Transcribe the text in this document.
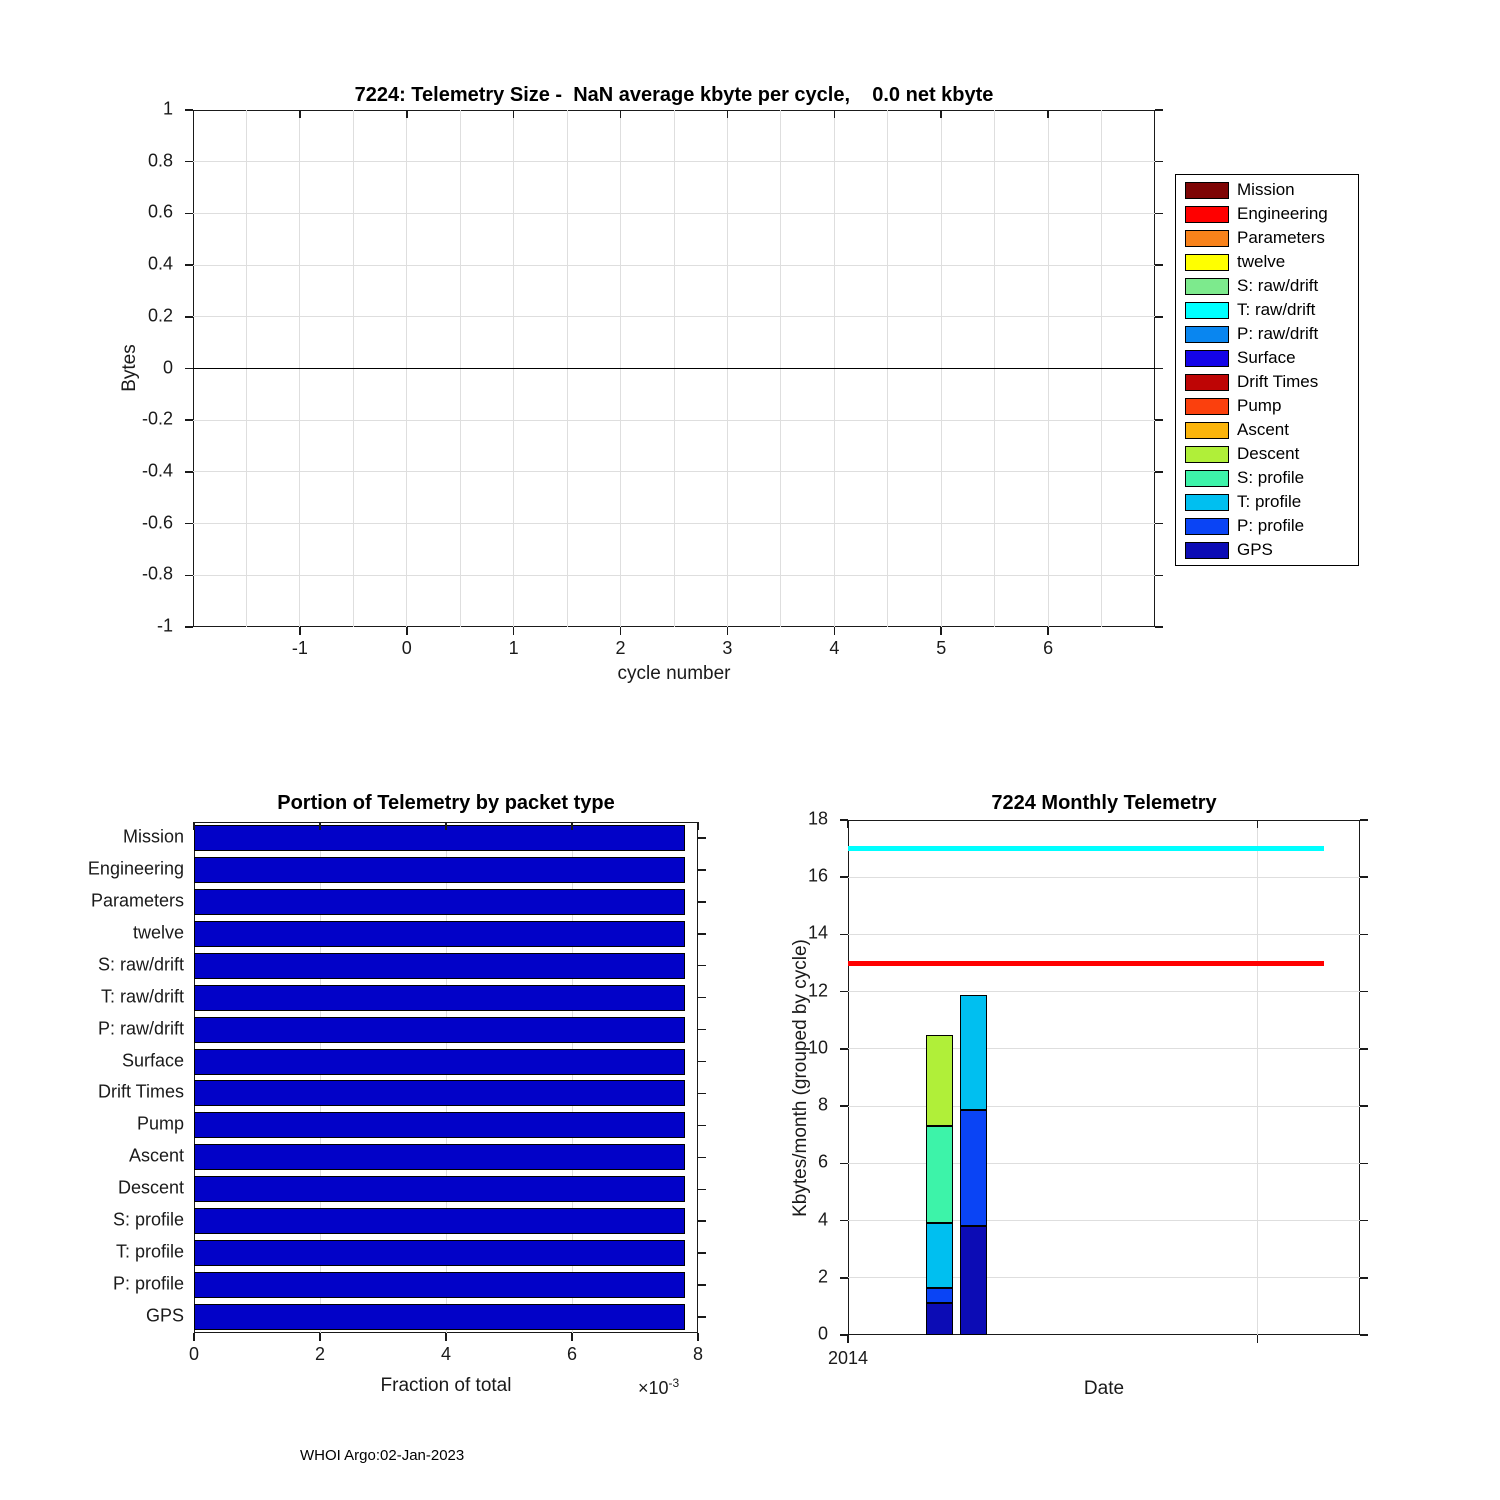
7224: Telemetry Size -  NaN average kbyte per cycle,    0.0 net kbyte
-1	0	1	2	3	4	5	6
1
0.8
0.6
0.4
0.2
0
-0.2
-0.4
-0.6
-0.8
-1
Bytes
cycle number
Mission
Engineering
Parameters
twelve
S: raw/drift
T: raw/drift
P: raw/drift
Surface
Drift Times
Pump
Ascent
Descent
S: profile
T: profile
P: profile
GPS
Portion of Telemetry by packet type
Mission
Engineering
Parameters
twelve
S: raw/drift
T: raw/drift
P: raw/drift
Surface
Drift Times
Pump
Ascent
Descent
S: profile
T: profile
P: profile
GPS
0	2	4	6	8
Fraction of total	$\times 10^{-3}$
7224 Monthly Telemetry
0
2
4
6
8
10
12
14
16
18
2014
Kbytes/month (grouped by cycle)
Date
WHOI Argo:02-Jan-2023
